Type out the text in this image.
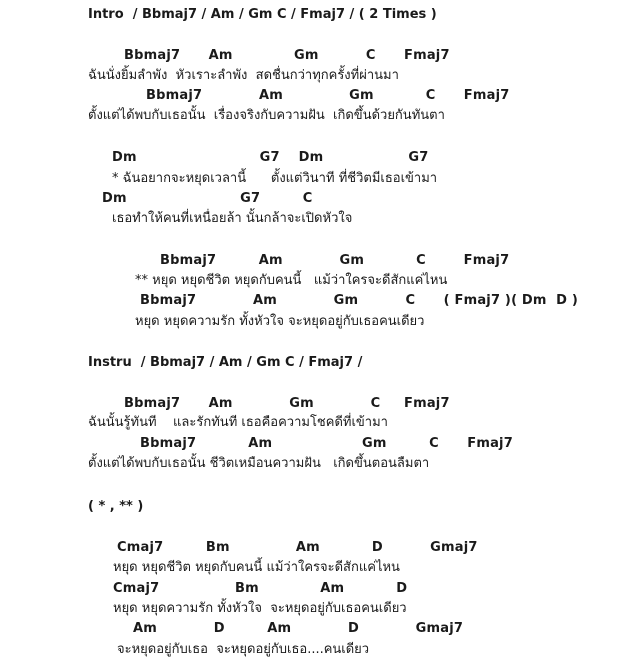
Intro  / Bbmaj7 / Am / Gm C / Fmaj7 / ( 2 Times )
Bbmaj7      Am             Gm          C      Fmaj7
ฉันนั่งยิ้มลำพัง  หัวเราะลำพัง  สดชื่นกว่าทุกครั้งที่ผ่านมา
Bbmaj7            Am              Gm           C      Fmaj7
ตั้งแต่ได้พบกับเธอนั้น  เรื่องจริงกับความฝัน  เกิดขึ้นด้วยกันทันตา
Dm                          G7    Dm                  G7
* ฉันอยากจะหยุดเวลานี้      ตั้งแต่วินาที ที่ชีวิตมีเธอเข้ามา
Dm                        G7         C
เธอทำให้คนที่เหนื่อยล้า นั้นกล้าจะเปิดหัวใจ
Bbmaj7         Am            Gm           C        Fmaj7
** หยุด หยุดชีวิต หยุดกับคนนี้   แม้ว่าใครจะดีสักแค่ไหน
Bbmaj7            Am            Gm          C      ( Fmaj7 )( Dm  D )
หยุด หยุดความรัก ทั้งหัวใจ จะหยุดอยู่กับเธอคนเดียว
Instru  / Bbmaj7 / Am / Gm C / Fmaj7 /
Bbmaj7      Am            Gm            C     Fmaj7
ฉันนั้นรู้ทันที    และรักทันที เธอคือความโชคดีที่เข้ามา
Bbmaj7           Am                   Gm         C      Fmaj7
ตั้งแต่ได้พบกับเธอนั้น ชีวิตเหมือนความฝัน   เกิดขึ้นตอนลืมตา
( * , ** )
Cmaj7         Bm              Am           D          Gmaj7
หยุด หยุดชีวิต หยุดกับคนนี้ แม้ว่าใครจะดีสักแค่ไหน
Cmaj7                Bm             Am           D
หยุด หยุดความรัก ทั้งหัวใจ  จะหยุดอยู่กับเธอคนเดียว
Am            D         Am            D            Gmaj7
จะหยุดอยู่กับเธอ  จะหยุดอยู่กับเธอ....คนเดียว
